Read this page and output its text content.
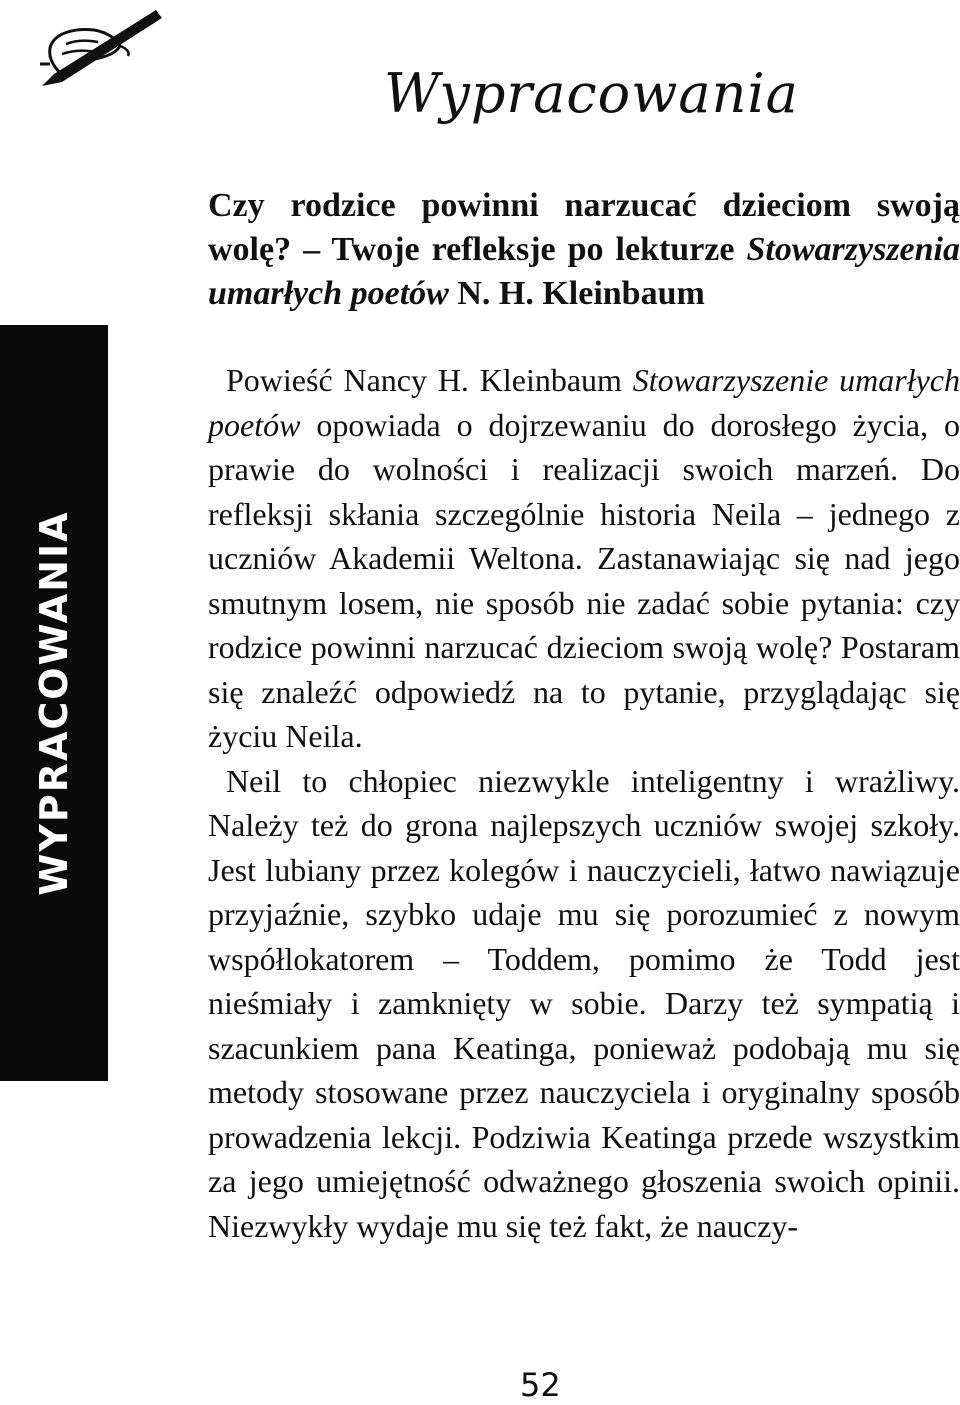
Wypracowania
WYPRACOWANIA
Czy rodzice powinni narzucać dzieciom swoją wolę? – Twoje refleksje po lekturze Stowarzyszenia umarłych poetów N. H. Kleinbaum

Powieść Nancy H. Kleinbaum Stowarzyszenie umarłych poetów opowiada o dojrzewaniu do dorosłego życia, o prawie do wolności i realizacji swoich marzeń. Do refleksji skłania szczególnie historia Neila – jednego z uczniów Akademii Weltona. Zastanawiając się nad jego smutnym losem, nie sposób nie zadać sobie pytania: czy rodzice powinni narzucać dzieciom swoją wolę? Postaram się znaleźć odpowiedź na to pytanie, przyglądając się życiu Neila.

Neil to chłopiec niezwykle inteligentny i wrażliwy. Należy też do grona najlepszych uczniów swojej szkoły. Jest lubiany przez kolegów i nauczycieli, łatwo nawiązuje przyjaźnie, szybko udaje mu się porozumieć z nowym współlokatorem – Toddem, pomimo że Todd jest nieśmiały i zamknięty w sobie. Darzy też sympatią i szacunkiem pana Keatinga, ponieważ podobają mu się metody stosowane przez nauczyciela i oryginalny sposób prowadzenia lekcji. Podziwia Keatinga przede wszystkim za jego umiejętność odważnego głoszenia swoich opinii. Niezwykły wydaje mu się też fakt, że nauczy-

52
